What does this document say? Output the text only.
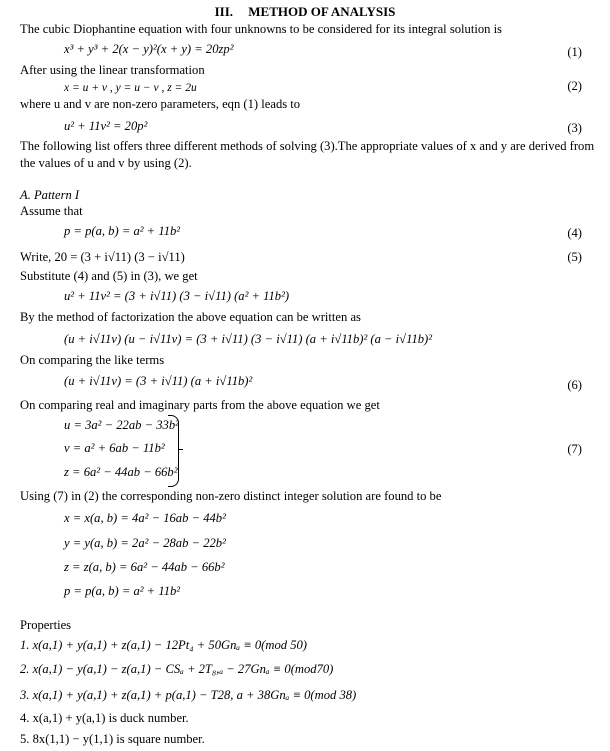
III. METHOD OF ANALYSIS
The cubic Diophantine equation with four unknowns to be considered for its integral solution is
x³ + y³ + 2(x − y)²(x + y) = 20zp²	(1)
After using the linear transformation
x = u + v , y = u − v , z = 2u	(2)
where u and v are non-zero parameters, eqn (1) leads to
u² + 11v² = 20p²	(3)
The following list offers three different methods of solving (3).The appropriate values of x and y are derived from
the values of u and v by using (2).
A. Pattern I
Assume that
p = p(a, b) = a² + 11b²	(4)
Write, 20 = (3 + i√11) (3 − i√11)	(5)
Substitute (4) and (5) in (3), we get
u² + 11v² = (3 + i√11) (3 − i√11) (a² + 11b²)
By the method of factorization the above equation can be written as
(u + i√11v) (u − i√11v) = (3 + i√11) (3 − i√11) (a + i√11b)² (a − i√11b)²
On comparing the like terms
(u + i√11v) = (3 + i√11) (a + i√11b)²	(6)
On comparing real and imaginary parts from the above equation we get
u = 3a² − 22ab − 33b²
v = a² + 6ab − 11b²
z = 6a² − 44ab − 66b²
(7)
Using (7) in (2) the corresponding non-zero distinct integer solution are found to be
x = x(a, b) = 4a² − 16ab − 44b²
y = y(a, b) = 2a² − 28ab − 22b²
z = z(a, b) = 6a² − 44ab − 66b²
p = p(a, b) = a² + 11b²
Properties
1. x(a,1) + y(a,1) + z(a,1) − 12Pt₄ + 50Gnₐ ≡ 0(mod 50)
2. x(a,1) − y(a,1) − z(a,1) − CSₐ + 2T₈,ₐ − 27Gnₐ ≡ 0(mod70)
3. x(a,1) + y(a,1) + z(a,1) + p(a,1) − T28, a + 38Gnₐ ≡ 0(mod 38)
4. x(a,1) + y(a,1) is duck number.
5. 8x(1,1) − y(1,1) is square number.
